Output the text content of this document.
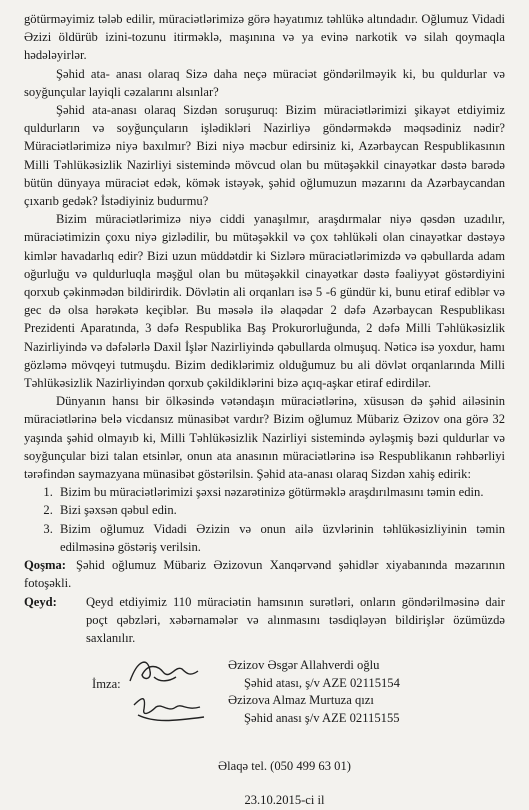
götürməyimiz tələb edilir, müraciətlərimizə görə həyatımız təhlükə altındadır. Oğlumuz Vidadi Əzizi öldürüb izini-tozunu itirməklə, maşınına və ya evinə narkotik və silah qoymaqla hədələyirlər.

Şəhid ata- anası olaraq Sizə daha neçə müraciət göndərilməyik ki, bu quldurlar və soyğunçular layiqli cəzalarını alsınlar?

Şəhid ata-anası olaraq Sizdən soruşuruq: Bizim müraciətlərimizi şikayət etdiyimiz quldurların və soyğunçuların işlədikləri Nazirliyə göndərməkdə məqsədiniz nədir? Müraciətlərimizə niyə baxılmır? Bizi niyə məcbur edirsiniz ki, Azərbaycan Respublikasının Milli Təhlükəsizlik Nazirliyi sistemində mövcud olan bu mütəşəkkil cinayətkar dəstə barədə bütün dünyaya müraciət edək, kömək istəyək, şəhid oğlumuzun məzarını da Azərbaycandan çıxarıb gedək? İstədiyiniz budurmu?

Bizim müraciətlərimizə niyə ciddi yanaşılmır, araşdırmalar niyə qəsdən uzadılır, müraciətimizin çoxu niyə gizlədilir, bu mütəşəkkil və çox təhlükəli olan cinayətkar dəstəyə kimlər havadarlıq edir? Bizi uzun müddətdir ki Sizlərə müraciətlərimizdə və qəbullarda adam oğurluğu və quldurluqla məşğul olan bu mütəşəkkil cinayətkar dəstə fəaliyyət göstərdiyini qorxub çəkinmədən bildirirdik. Dövlətin ali orqanları isə 5 -6 gündür ki, bunu etiraf ediblər və gec də olsa hərəkətə keçiblər. Bu məsələ ilə əlaqədar 2 dəfə Azərbaycan Respublikası Prezidenti Aparatında, 3 dəfə Respublika Baş Prokurorluğunda, 2 dəfə Milli Təhlükəsizlik Nazirliyində və dəfələrlə Daxil İşlər Nazirliyində qəbullarda olmuşuq. Nəticə isə yoxdur, hamı gözləmə mövqeyi tutmuşdu. Bizim dediklərimiz olduğumuz bu ali dövlət orqanlarında Milli Təhlükəsizlik Nazirliyindən qorxub çəkildiklərini bizə açıq-aşkar etiraf edirdilər.

Dünyanın hansı bir ölkəsində vətəndaşın müraciətlərinə, xüsusən də şəhid ailəsinin müraciətlərinə belə vicdansız münasibət vardır? Bizim oğlumuz Mübariz Əzizov ona görə 32 yaşında şəhid olmayıb ki, Milli Təhlükəsizlik Nazirliyi sistemində əyləşmiş bəzi quldurlar və soyğunçular bizi talan etsinlər, onun ata anasının müraciətlərinə isə Respublikanın rəhbərliyi tərəfindən saymazyana münasibət göstərilsin. Şəhid ata-anası olaraq Sizdən xahiş edirik:

1. Bizim bu müraciətlərimizi şəxsi nəzarətinizə götürməklə araşdırılmasını təmin edin.
2. Bizi şəxsən qəbul edin.
3. Bizim oğlumuz Vidadi Əzizin və onun ailə üzvlərinin təhlükəsizliyinin təmin edilməsinə göstəriş verilsin.

Qoşma: Şəhid oğlumuz Mübariz Əzizovun Xanqərvənd şəhidlər xiyabanında məzarının fotoşəkli.

Qeyd:	Qeyd etdiyimiz 110 müraciətin hamsının surətləri, onların göndərilməsinə dair poçt qəbzləri, xəbərnamələr və alınmasını təsdiqləyən bildirişlər özümüzdə saxlanılır.

İmza:
Əzizov Əsgər Allahverdi oğlu
Şəhid atası, ş/v AZE 02115154
Əzizova Almaz Murtuza qızı
Şəhid anası ş/v AZE 02115155
Əlaqə tel. (050 499 63 01)
23.10.2015-ci il
